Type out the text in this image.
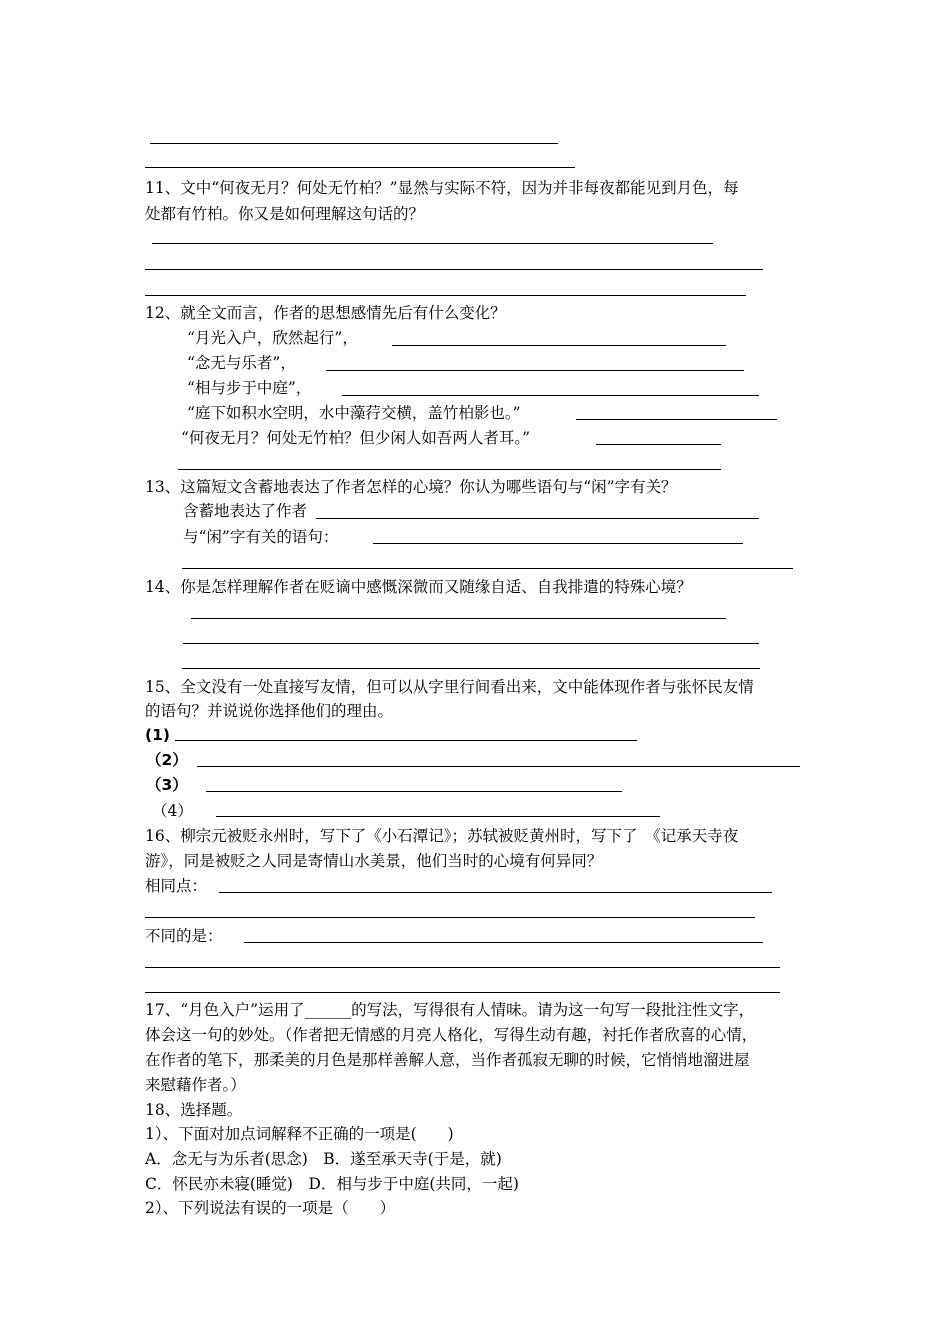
11、文中“何夜无月？何处无竹柏？”显然与实际不符，因为并非每夜都能见到月色，每
处都有竹柏。你又是如何理解这句话的？
12、就全文而言，作者的思想感情先后有什么变化？
“月光入户，欣然起行”，
“念无与乐者”，
“相与步于中庭”，
“庭下如积水空明，水中藻荇交横，盖竹柏影也。”
“何夜无月？何处无竹柏？但少闲人如吾两人者耳。”
13、这篇短文含蓄地表达了作者怎样的心境？你认为哪些语句与“闲”字有关？
含蓄地表达了作者
与“闲”字有关的语句：
14、你是怎样理解作者在贬谪中感慨深微而又随缘自适、自我排遣的特殊心境？
15、全文没有一处直接写友情，但可以从字里行间看出来，文中能体现作者与张怀民友情
的语句？并说说你选择他们的理由。
(1)
（2）
（3）
（4）
16、柳宗元被贬永州时，写下了《小石潭记》；苏轼被贬黄州时，写下了　《记承天寺夜
游》，同是被贬之人同是寄情山水美景，他们当时的心境有何异同？
相同点：
不同的是：
17、“月色入户”运用了______的写法，写得很有人情味。请为这一句写一段批注性文字，
体会这一句的妙处。（作者把无情感的月亮人格化，写得生动有趣，衬托作者欣喜的心情，
在作者的笔下，那柔美的月色是那样善解人意，当作者孤寂无聊的时候，它悄悄地溜进屋
来慰藉作者。）
18、选择题。
1）、下面对加点词解释不正确的一项是(　　)
A．念无与为乐者(思念)　B．遂至承天寺(于是，就)
C．怀民亦未寝(睡觉)　D．相与步于中庭(共同，一起)
2）、下列说法有误的一项是（　　）
